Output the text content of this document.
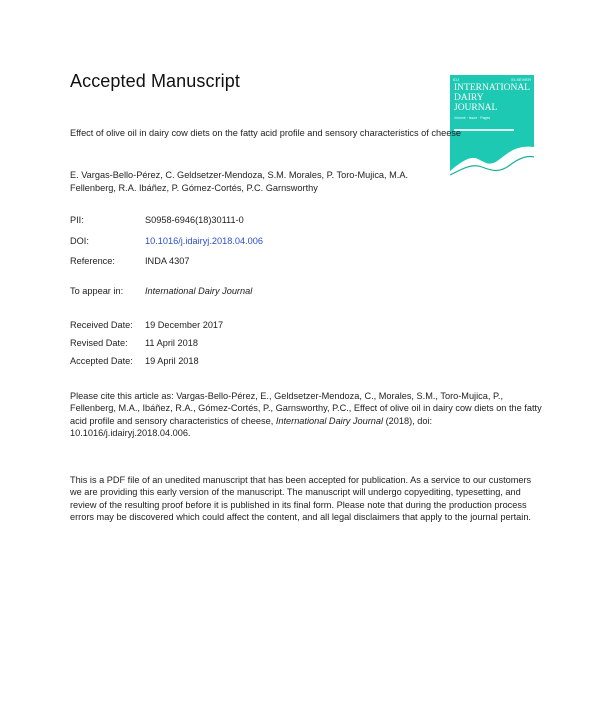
Accepted Manuscript	IDJ	ELSEVIER
INTERNATIONAL
DAIRY
JOURNAL
Volume · Issue · Pages
Effect of olive oil in dairy cow diets on the fatty acid profile and sensory characteristics of cheese
E. Vargas-Bello-Pérez, C. Geldsetzer-Mendoza, S.M. Morales, P. Toro-Mujica, M.A. Fellenberg, R.A. Ibáñez, P. Gómez-Cortés, P.C. Garnsworthy
PII:	S0958-6946(18)30111-0
DOI:	10.1016/j.idairyj.2018.04.006
Reference:	INDA 4307
To appear in: International Dairy Journal
Received Date: 19 December 2017
Revised Date: 11 April 2018
Accepted Date: 19 April 2018
Please cite this article as: Vargas-Bello-Pérez, E., Geldsetzer-Mendoza, C., Morales, S.M., Toro-Mujica, P., Fellenberg, M.A., Ibáñez, R.A., Gómez-Cortés, P., Garnsworthy, P.C., Effect of olive oil in dairy cow diets on the fatty acid profile and sensory characteristics of cheese, International Dairy Journal (2018), doi: 10.1016/j.idairyj.2018.04.006.
This is a PDF file of an unedited manuscript that has been accepted for publication. As a service to our customers we are providing this early version of the manuscript. The manuscript will undergo copyediting, typesetting, and review of the resulting proof before it is published in its final form. Please note that during the production process errors may be discovered which could affect the content, and all legal disclaimers that apply to the journal pertain.
